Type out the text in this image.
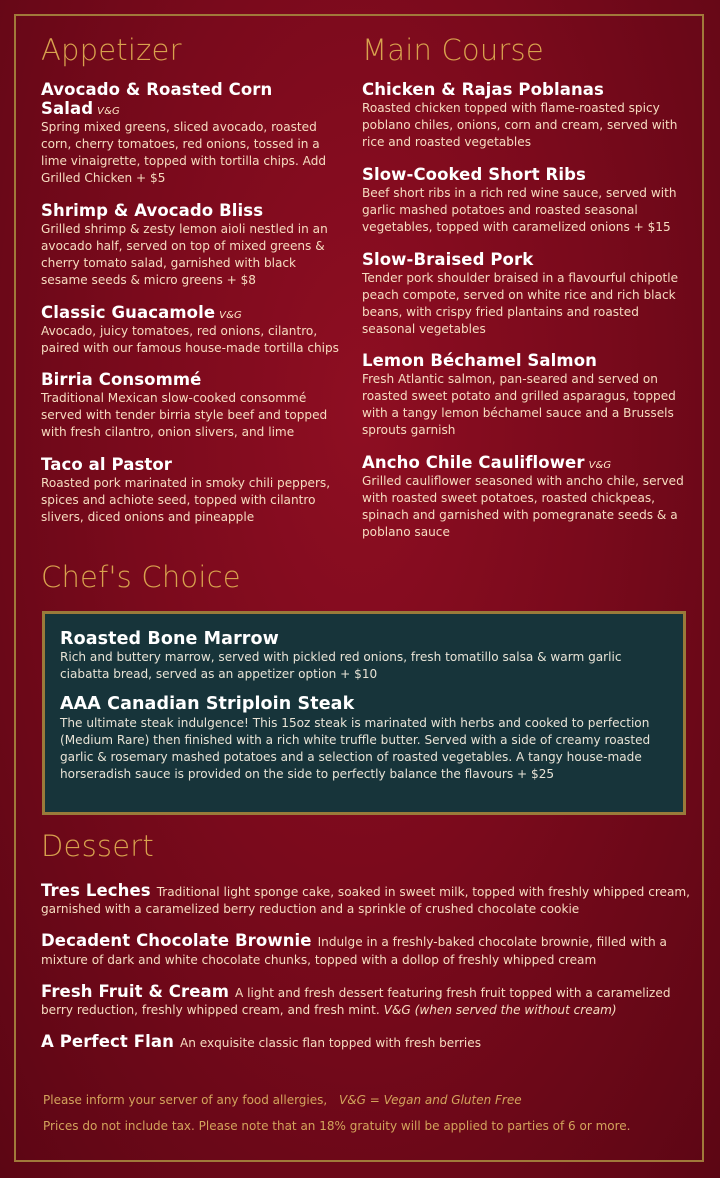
Appetizer
Avocado & Roasted Corn Salad V&G
Spring mixed greens, sliced avocado, roasted corn, cherry tomatoes, red onions, tossed in a lime vinaigrette, topped with tortilla chips. Add Grilled Chicken + $5
Shrimp & Avocado Bliss
Grilled shrimp & zesty lemon aioli nestled in an avocado half, served on top of mixed greens & cherry tomato salad, garnished with black sesame seeds & micro greens + $8
Classic Guacamole V&G
Avocado, juicy tomatoes, red onions, cilantro, paired with our famous house-made tortilla chips
Birria Consommé
Traditional Mexican slow-cooked consommé served with tender birria style beef and topped with fresh cilantro, onion slivers, and lime
Taco al Pastor
Roasted pork marinated in smoky chili peppers, spices and achiote seed, topped with cilantro slivers, diced onions and pineapple
Main Course
Chicken & Rajas Poblanas
Roasted chicken topped with flame-roasted spicy poblano chiles, onions, corn and cream, served with rice and roasted vegetables
Slow-Cooked Short Ribs
Beef short ribs in a rich red wine sauce, served with garlic mashed potatoes and roasted seasonal vegetables, topped with caramelized onions + $15
Slow-Braised Pork
Tender pork shoulder braised in a flavourful chipotle peach compote, served on white rice and rich black beans, with crispy fried plantains and roasted seasonal vegetables
Lemon Béchamel Salmon
Fresh Atlantic salmon, pan-seared and served on roasted sweet potato and grilled asparagus, topped with a tangy lemon béchamel sauce and a Brussels sprouts garnish
Ancho Chile Cauliflower V&G
Grilled cauliflower seasoned with ancho chile, served with roasted sweet potatoes, roasted chickpeas, spinach and garnished with pomegranate seeds & a poblano sauce
Chef's Choice
Roasted Bone Marrow
Rich and buttery marrow, served with pickled red onions, fresh tomatillo salsa & warm garlic ciabatta bread, served as an appetizer option + $10
AAA Canadian Striploin Steak
The ultimate steak indulgence! This 15oz steak is marinated with herbs and cooked to perfection (Medium Rare) then finished with a rich white truffle butter. Served with a side of creamy roasted garlic & rosemary mashed potatoes and a selection of roasted vegetables. A tangy house-made horseradish sauce is provided on the side to perfectly balance the flavours + $25
Dessert
Tres Leches Traditional light sponge cake, soaked in sweet milk, topped with freshly whipped cream, garnished with a caramelized berry reduction and a sprinkle of crushed chocolate cookie
Decadent Chocolate Brownie Indulge in a freshly-baked chocolate brownie, filled with a mixture of dark and white chocolate chunks, topped with a dollop of freshly whipped cream
Fresh Fruit & Cream A light and fresh dessert featuring fresh fruit topped with a caramelized berry reduction, freshly whipped cream, and fresh mint. V&G (when served the without cream)
A Perfect Flan An exquisite classic flan topped with fresh berries

Please inform your server of any food allergies, V&G = Vegan and Gluten Free

Prices do not include tax. Please note that an 18% gratuity will be applied to parties of 6 or more.
